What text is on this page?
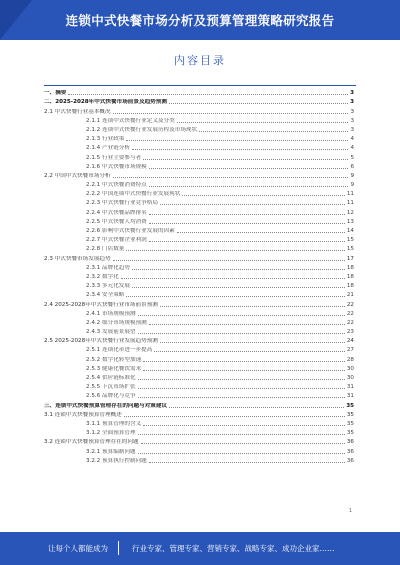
连锁中式快餐市场分析及预算管理策略研究报告
内容目录
一、摘要	3
二、2025-2028年中式快餐市场前景及趋势预测	3
2.1 中式快餐行业基本概况	3
2.1.1 连锁中式快餐行业定义及分类	3
2.1.2 连锁中式快餐行业发展历程及市场现状	3
2.1.3 行业政策	4
2.1.4 产业链分析	4
2.1.5 行业主要参与者	5
2.1.6 中式快餐市场规模	6
2.2 中国中式快餐市场分析	9
2.2.1 中式快餐消费特点	9
2.2.2 中国连锁中式快餐行业发展现状	11
2.2.3 中式快餐行业竞争格局	11
2.2.4 中式快餐品牌排名	12
2.2.5 中式快餐人均消费	13
2.2.6 影响中式快餐行业发展的因素	14
2.2.7 中式快餐企业利润	15
2.2.8 门店数量	15
2.3 中式快餐市场发展趋势	17
2.3.1 品牌化趋势	18
2.3.2 数字化	18
2.3.3 多元化发展	18
2.3.4 安全策略	21
2.4 2025-2028年中式快餐行业市场前景预测	22
2.4.1 市场规模预测	22
2.4.2 细分市场规模预测	22
2.4.3 发展前景展望	23
2.5 2025-2028年中式快餐行业发展趋势预测	24
2.5.1 连锁化率进一步提高	27
2.5.2 数字化转型加速	28
2.5.3 健康化餐饮需求	30
2.5.4 供应链标准化	30
2.5.5 下沉市场扩张	31
2.5.6 品牌化与竞争	31
三、连锁中式快餐预算管理存在的问题与对策建议	35
3.1 连锁中式快餐预算管理概述	35
3.1.1 预算管理的含义	35
3.1.2 全面预算管理	35
3.2 连锁中式快餐预算管理存在的问题	36
3.2.1 预算编制问题	36
3.2.2 预算执行控制问题	36
1
让每个人都能成为	行业专家、管理专家、营销专家、战略专家、成功企业家……
